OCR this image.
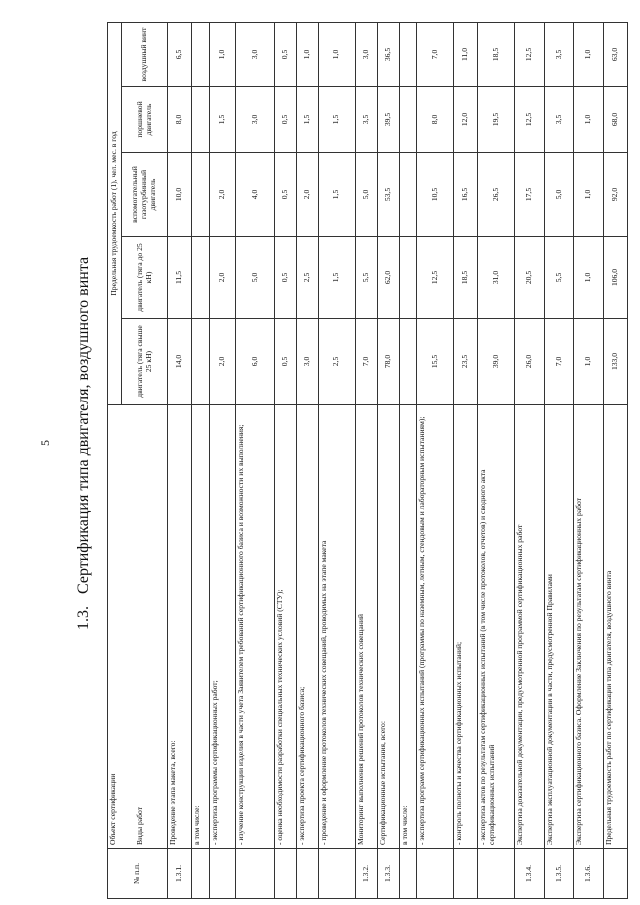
5 1.3.   Сертификация типа двигателя, воздушного винта
№ п.п.	Объект сертификации Виды работ	Предельная трудоемкость работ (1), чел. мес. в год				
		двигатель (тяга свыше 25 кН)	двигатель (тяга до 25 кН)	вспомогательный газотурбинный двигатель	поршневой двигатель	воздушный винт
1.3.1.	Проведение этапа макета, всего:	14,0	11,5	10,0	8,0	6,5
	в том числе:					
	- экспертиза программы сертификационных работ;	2,0	2,0	2,0	1,5	1,0
	- изучение конструкции изделия в части учета Заявителем требований сертификационного базиса и возможности их выполнения;	6,0	5,0	4,0	3,0	3,0
	- оценка необходимости разработки специальных технических условий (СТУ);	0,5	0,5	0,5	0,5	0,5
	- экспертиза проекта сертификационного базиса;	3,0	2,5	2,0	1,5	1,0
	- проведение и оформление протоколов технических совещаний, проводимых на этапе макета	2,5	1,5	1,5	1,5	1,0
1.3.2.	Мониторинг выполнения решений протоколов технических совещаний	7,0	5,5	5,0	3,5	3,0
1.3.3.	Сертификационные испытания, всего:	78,0	62,0	53,5	39,5	36,5
	в том числе:					
	- экспертиза программ сертификационных испытаний (программы по наземным, летным, стендовым и лабораторным испытаниям);	15,5	12,5	10,5	8,0	7,0
	- контроль полноты и качества сертификационных испытаний;	23,5	18,5	16,5	12,0	11,0
	- экспертиза актов по результатам сертификационных испытаний (в том числе протоколов, отчетов) и сводного акта сертификационных испытаний	39,0	31,0	26,5	19,5	18,5
1.3.4.	Экспертиза доказательной документации, предусмотренной программой сертификационных работ	26,0	20,5	17,5	12,5	12,5
1.3.5.	Экспертиза эксплуатационной документации в части, предусмотренной Правилами	7,0	5,5	5,0	3,5	3,5
1.3.6.	Экспертиза сертификационного базиса. Оформление Заключения по результатам сертификационных работ	1,0	1,0	1,0	1,0	1,0
	Предельная трудоемкость работ по сертификации типа двигателя, воздушного винта	133,0	106,0	92,0	68,0	63,0
